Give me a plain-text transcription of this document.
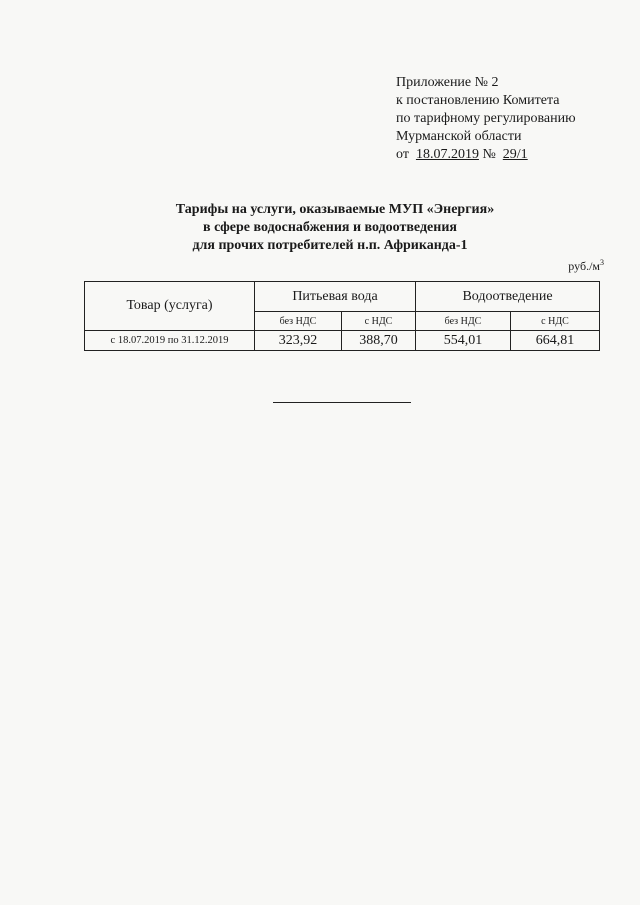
Приложение № 2
к постановлению Комитета
по тарифному регулированию
Мурманской области
от 18.07.2019 № 29/1
Тарифы на услуги, оказываемые МУП «Энергия»
в сфере водоснабжения и водоотведения
для прочих потребителей н.п. Африканда-1
$руб./м^3$
Товар (услуга)	Питьевая вода		Водоотведение	
	без НДС	с НДС	без НДС	с НДС
с 18.07.2019 по 31.12.2019	323,92	388,70	554,01	664,81
